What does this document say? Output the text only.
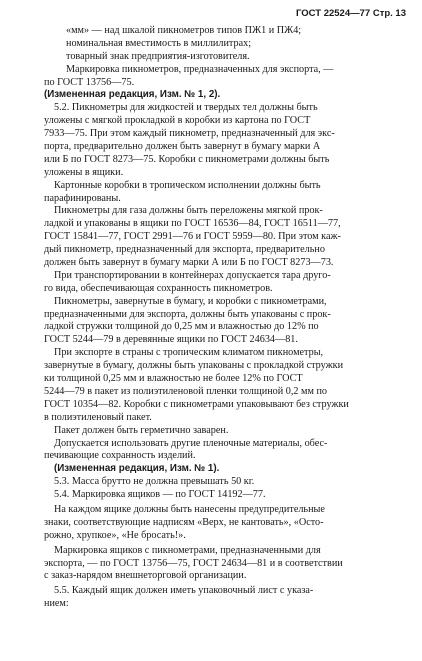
ГОСТ 22524—77 Стр. 13
«мм» — над шкалой пикнометров типов ПЖ1 и ПЖ4;
номинальная вместимость в миллилитрах;
товарный знак предприятия-изготовителя.
Маркировка пикнометров, предназначенных для экспорта, —
по ГОСТ 13756—75.
(Измененная редакция, Изм. № 1, 2).
5.2. Пикнометры для жидкостей и твердых тел должны быть
уложены с мягкой прокладкой в коробки из картона по ГОСТ
7933—75. При этом каждый пикнометр, предназначенный для экс-
порта, предварительно должен быть завернут в бумагу марки А
или Б по ГОСТ 8273—75. Коробки с пикнометрами должны быть
уложены в ящики.
Картонные коробки в тропическом исполнении должны быть
парафинированы.
Пикнометры для газа должны быть переложены мягкой прок-
ладкой и упакованы в ящики по ГОСТ 16536—84, ГОСТ 16511—77,
ГОСТ 15841—77, ГОСТ 2991—76 и ГОСТ 5959—80. При этом каж-
дый пикнометр, предназначенный для экспорта, предварительно
должен быть завернут в бумагу марки А или Б по ГОСТ 8273—73.
При транспортировании в контейнерах допускается тара друго-
го вида, обеспечивающая сохранность пикнометров.
Пикнометры, завернутые в бумагу, и коробки с пикнометрами,
предназначенными для экспорта, должны быть упакованы с прок-
ладкой стружки толщиной до 0,25 мм и влажностью до 12% по
ГОСТ 5244—79 в деревянные ящики по ГОСТ 24634—81.
При экспорте в страны с тропическим климатом пикнометры,
завернутые в бумагу, должны быть упакованы с прокладкой стружки
ки толщиной 0,25 мм и влажностью не более 12% по ГОСТ
5244—79 в пакет из полиэтиленовой пленки толщиной 0,2 мм по
ГОСТ 10354—82. Коробки с пикнометрами упаковывают без стружки
в полиэтиленовый пакет.
Пакет должен быть герметично заварен.
Допускается использовать другие пленочные материалы, обес-
печивающие сохранность изделий.
(Измененная редакция, Изм. № 1).
5.3. Масса брутто не должна превышать 50 кг.
5.4. Маркировка ящиков — по ГОСТ 14192—77.
На каждом ящике должны быть нанесены предупредительные
знаки, соответствующие надписям «Верх, не кантовать», «Осто-
рожно, хрупкое», «Не бросать!».
Маркировка ящиков с пикнометрами, предназначенными для
экспорта, — по ГОСТ 13756—75, ГОСТ 24634—81 и в соответствии
с заказ-нарядом внешнеторговой организации.
5.5. Каждый ящик должен иметь упаковочный лист с указа-
нием:
